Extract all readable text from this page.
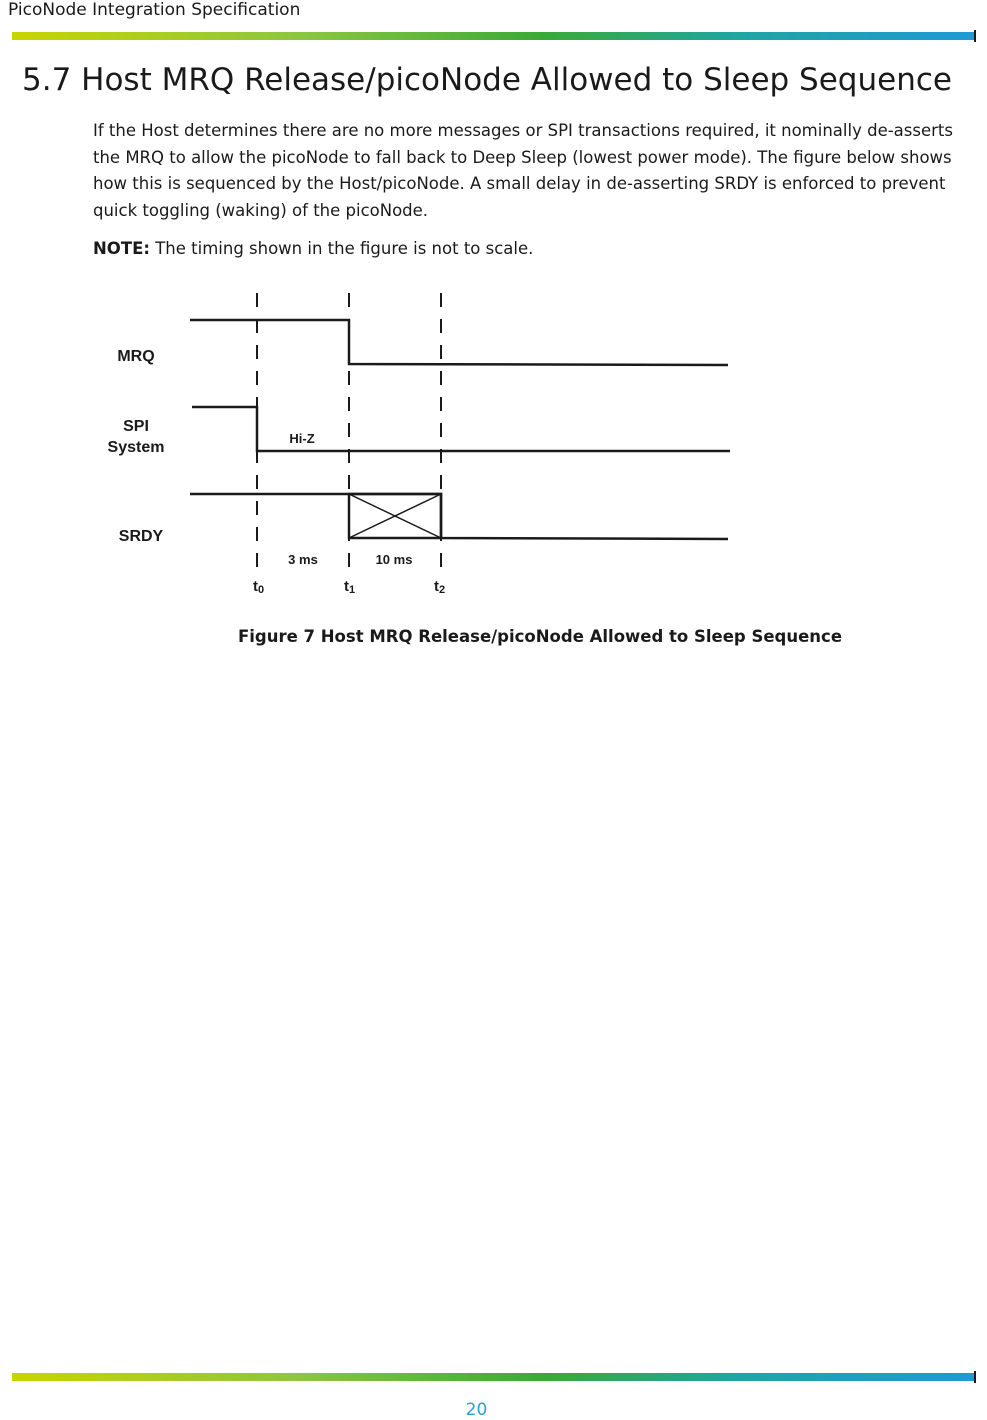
PicoNode Integration Specification
5.7 Host MRQ Release/picoNode Allowed to Sleep Sequence

If the Host determines there are no more messages or SPI transactions required, it nominally de-asserts the MRQ to allow the picoNode to fall back to Deep Sleep (lowest power mode). The figure below shows how this is sequenced by the Host/picoNode. A small delay in de-asserting SRDY is enforced to prevent quick toggling (waking) of the picoNode.

NOTE: The timing shown in the figure is not to scale.

MRQ
SPI
System
SRDY
Hi-Z
3 ms	10 ms
t0	t1	t2

Figure 7 Host MRQ Release/picoNode Allowed to Sleep Sequence

20
